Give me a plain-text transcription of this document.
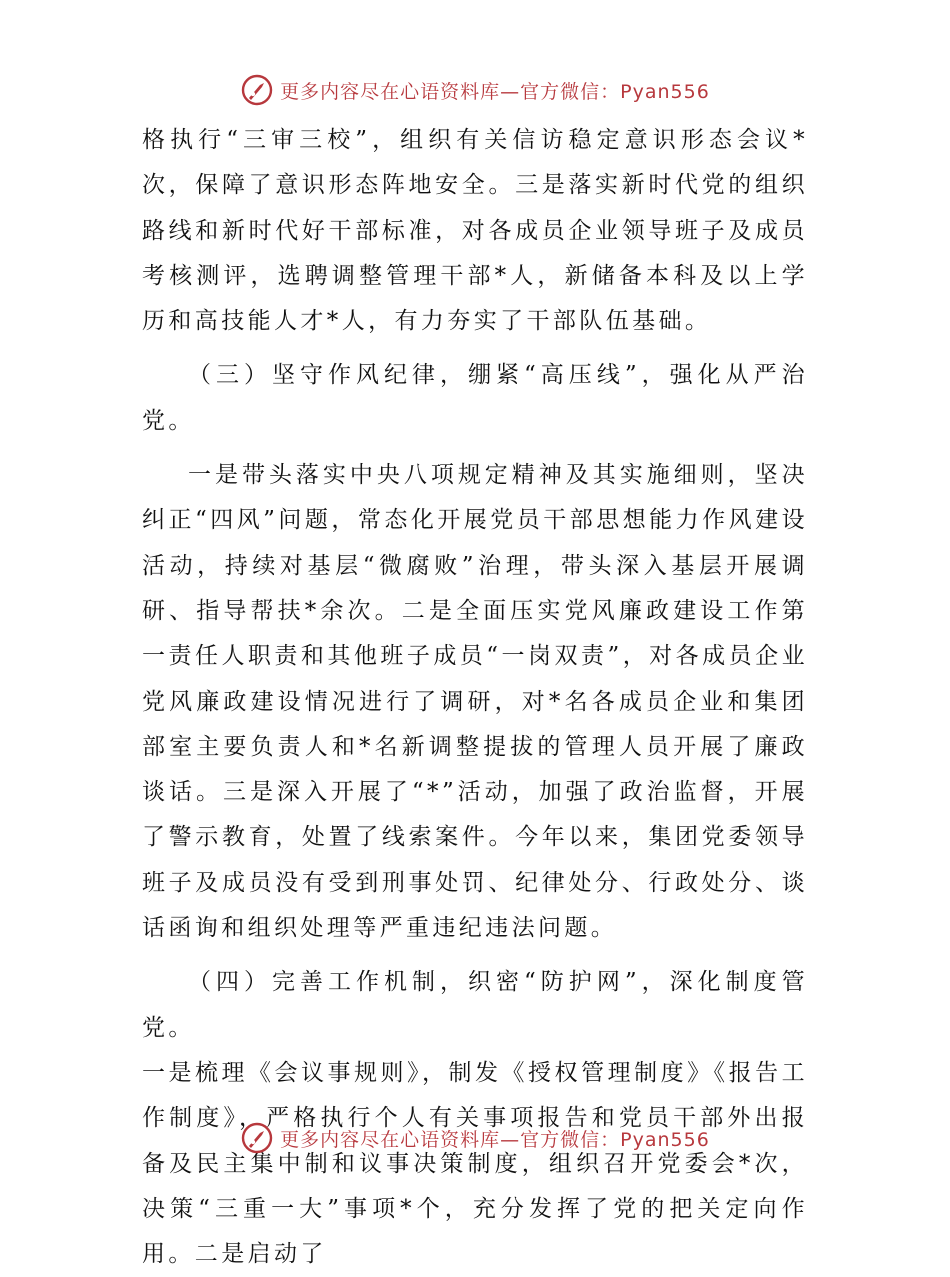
更多内容尽在心语资料库—官方微信：Pyan556

格执行“三审三校”，组织有关信访稳定意识形态会议*次，保障了意识形态阵地安全。三是落实新时代党的组织路线和新时代好干部标准，对各成员企业领导班子及成员考核测评，选聘调整管理干部*人，新储备本科及以上学历和高技能人才*人，有力夯实了干部队伍基础。

（三）坚守作风纪律，绷紧“高压线”，强化从严治党。

一是带头落实中央八项规定精神及其实施细则，坚决纠正“四风”问题，常态化开展党员干部思想能力作风建设活动，持续对基层“微腐败”治理，带头深入基层开展调研、指导帮扶*余次。二是全面压实党风廉政建设工作第一责任人职责和其他班子成员“一岗双责”，对各成员企业党风廉政建设情况进行了调研，对*名各成员企业和集团部室主要负责人和*名新调整提拔的管理人员开展了廉政谈话。三是深入开展了“*”活动，加强了政治监督，开展了警示教育，处置了线索案件。今年以来，集团党委领导班子及成员没有受到刑事处罚、纪律处分、行政处分、谈话函询和组织处理等严重违纪违法问题。

（四）完善工作机制，织密“防护网”，深化制度管党。

一是梳理《会议事规则》，制发《授权管理制度》《报告工作制度》，严格执行个人有关事项报告和党员干部外出报备及民主集中制和议事决策制度，组织召开党委会*次，决策“三重一大”事项*个，充分发挥了党的把关定向作用。二是启动了

更多内容尽在心语资料库—官方微信：Pyan556
